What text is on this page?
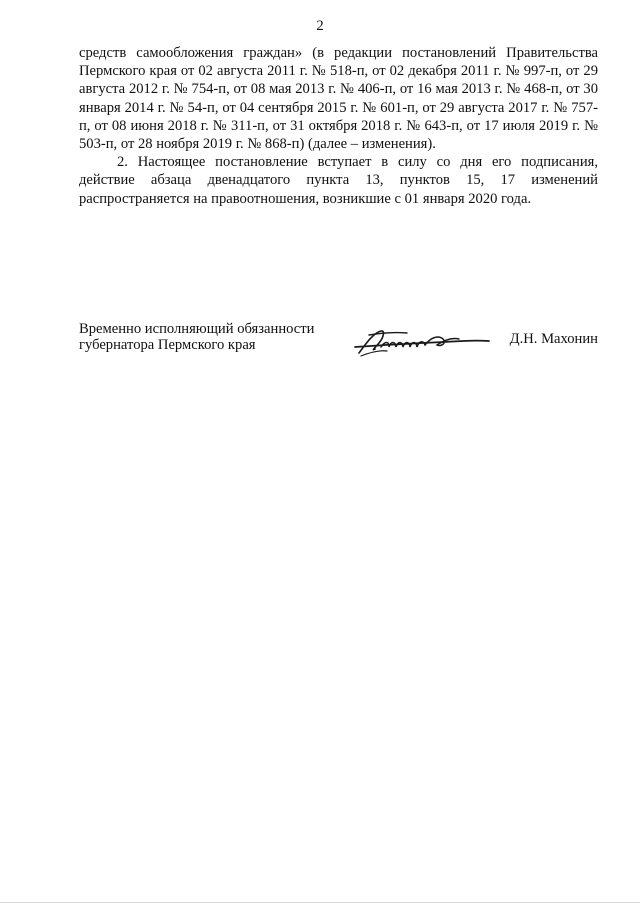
2

средств самообложения граждан» (в редакции постановлений Правительства Пермского края от 02 августа 2011 г. № 518-п, от 02 декабря 2011 г. № 997-п, от 29 августа 2012 г. № 754-п, от 08 мая 2013 г. № 406-п, от 16 мая 2013 г. № 468-п, от 30 января 2014 г. № 54-п, от 04 сентября 2015 г. № 601-п, от 29 августа 2017 г. № 757-п, от 08 июня 2018 г. № 311-п, от 31 октября 2018 г. № 643-п, от 17 июля 2019 г. № 503-п, от 28 ноября 2019 г. № 868-п) (далее – изменения).

2. Настоящее постановление вступает в силу со дня его подписания, действие абзаца двенадцатого пункта 13, пунктов 15, 17 изменений распространяется на правоотношения, возникшие с 01 января 2020 года.

Временно исполняющий обязанности
губернатора Пермского края	Д.Н. Махонин
